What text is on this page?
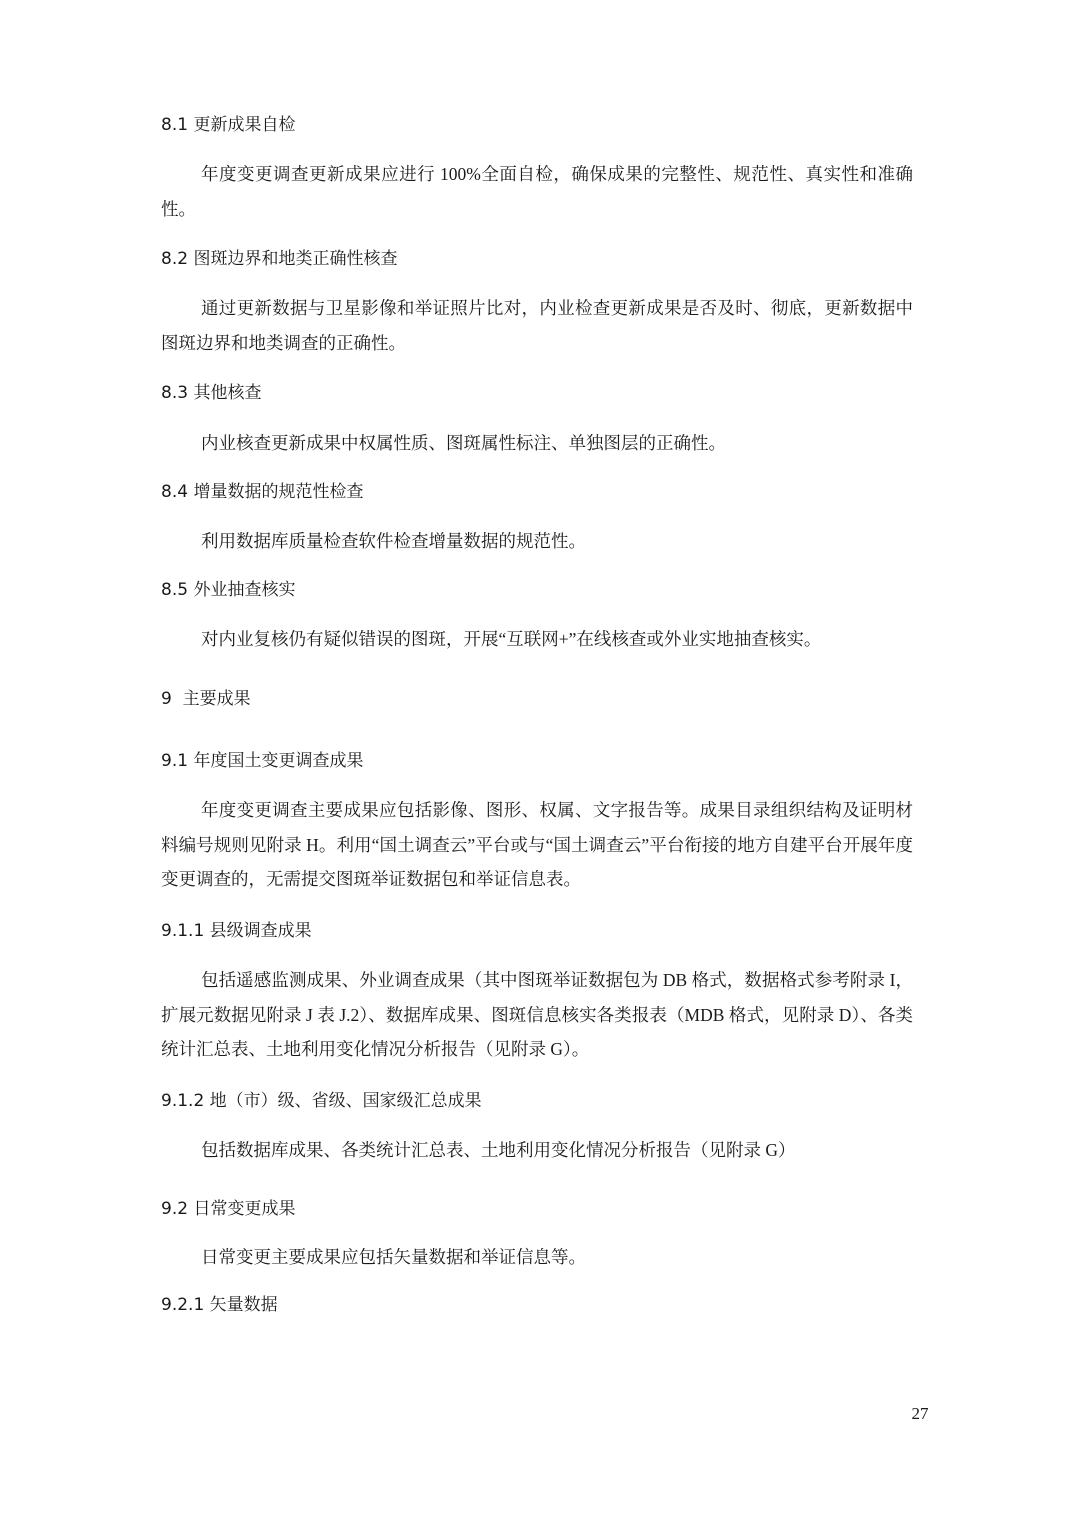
8.1 更新成果自检

年度变更调查更新成果应进行 100%全面自检，确保成果的完整性、规范性、真实性和准确性。

8.2 图斑边界和地类正确性核查

通过更新数据与卫星影像和举证照片比对，内业检查更新成果是否及时、彻底，更新数据中图斑边界和地类调查的正确性。

8.3 其他核查

内业核查更新成果中权属性质、图斑属性标注、单独图层的正确性。

8.4 增量数据的规范性检查

利用数据库质量检查软件检查增量数据的规范性。

8.5 外业抽查核实

对内业复核仍有疑似错误的图斑，开展“互联网+”在线核查或外业实地抽查核实。

9  主要成果
9.1 年度国土变更调查成果

年度变更调查主要成果应包括影像、图形、权属、文字报告等。成果目录组织结构及证明材料编号规则见附录 H。利用“国土调查云”平台或与“国土调查云”平台衔接的地方自建平台开展年度变更调查的，无需提交图斑举证数据包和举证信息表。

9.1.1 县级调查成果

包括遥感监测成果、外业调查成果（其中图斑举证数据包为 DB 格式，数据格式参考附录 I，扩展元数据见附录 J 表 J.2）、数据库成果、图斑信息核实各类报表（MDB 格式，见附录 D）、各类统计汇总表、土地利用变化情况分析报告（见附录 G）。

9.1.2 地（市）级、省级、国家级汇总成果

包括数据库成果、各类统计汇总表、土地利用变化情况分析报告（见附录 G）

9.2 日常变更成果

日常变更主要成果应包括矢量数据和举证信息等。

9.2.1 矢量数据
27
